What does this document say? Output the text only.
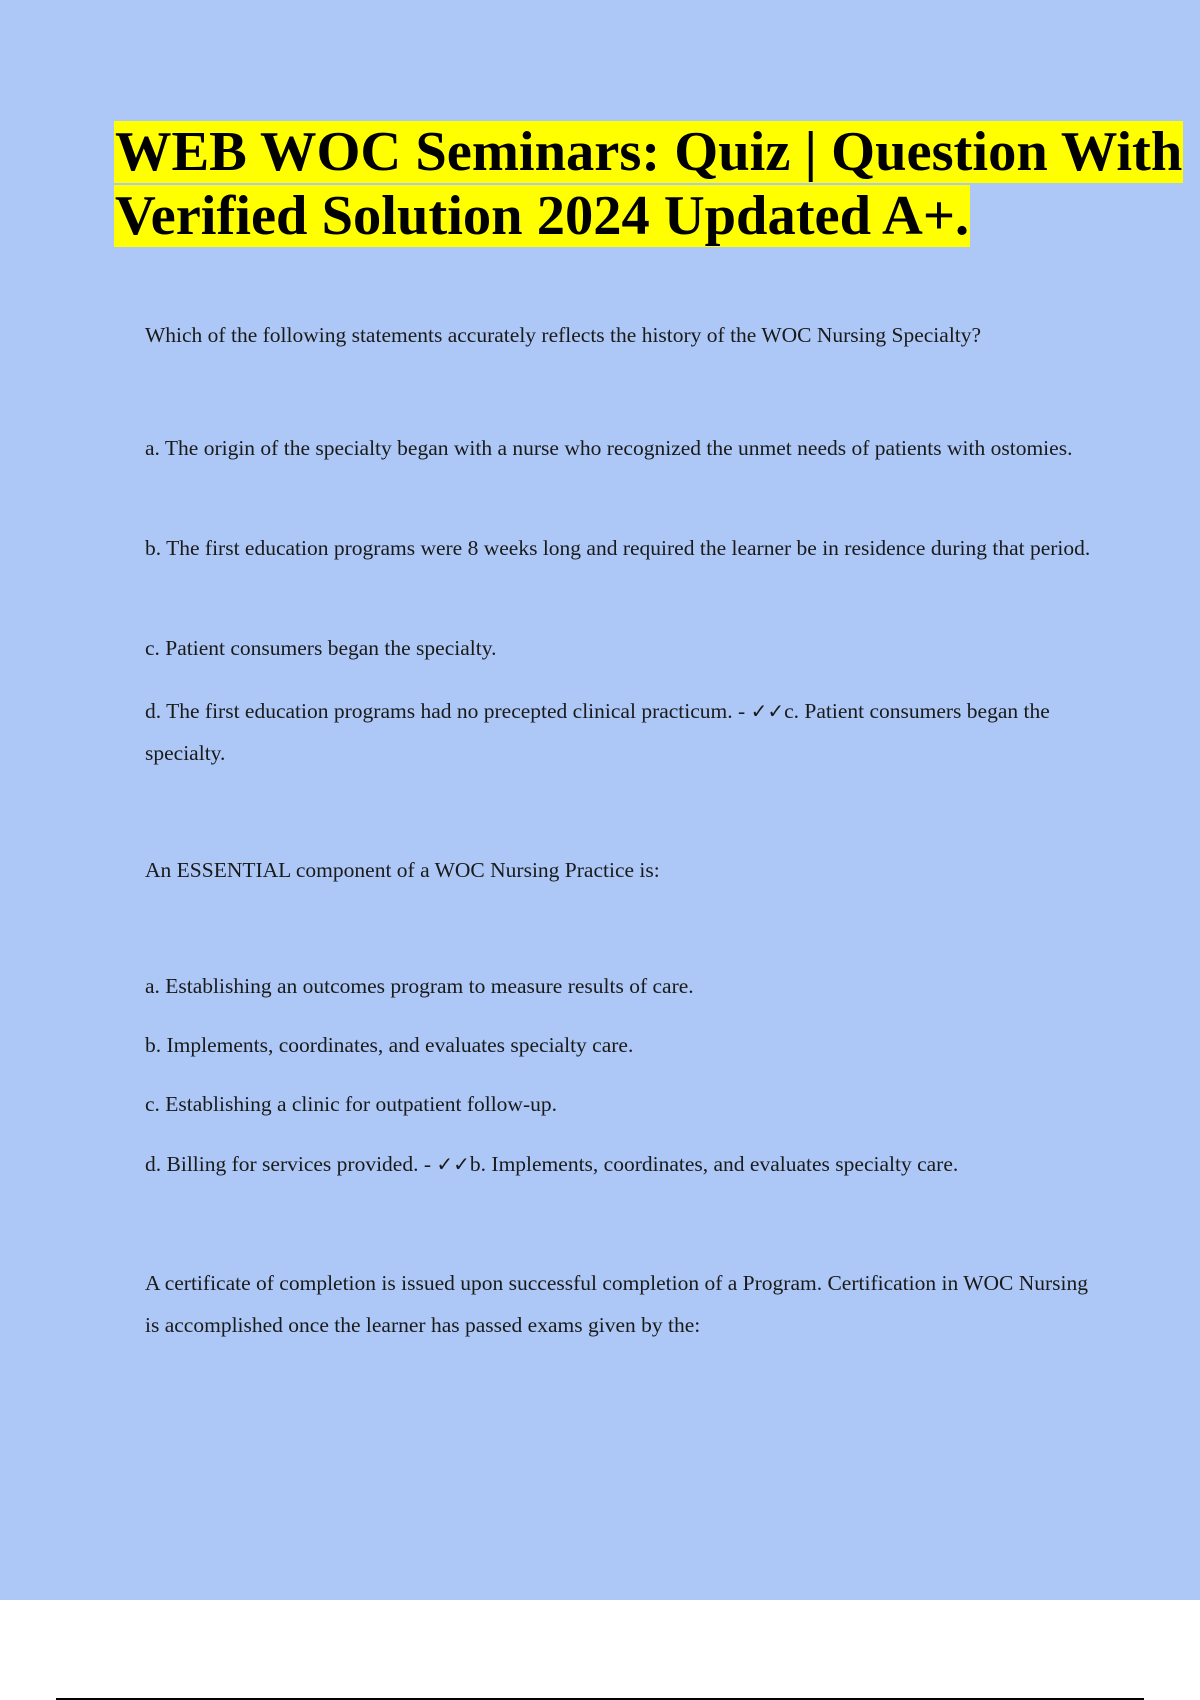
WEB WOC Seminars: Quiz | Question With Verified Solution 2024 Updated A+.
Which of the following statements accurately reflects the history of the WOC Nursing Specialty?
a. The origin of the specialty began with a nurse who recognized the unmet needs of patients with ostomies.
b. The first education programs were 8 weeks long and required the learner be in residence during that period.
c. Patient consumers began the specialty.
d. The first education programs had no precepted clinical practicum. - ✓✓c. Patient consumers began the specialty.
An ESSENTIAL component of a WOC Nursing Practice is:
a. Establishing an outcomes program to measure results of care.
b. Implements, coordinates, and evaluates specialty care.
c. Establishing a clinic for outpatient follow-up.
d. Billing for services provided. - ✓✓b. Implements, coordinates, and evaluates specialty care.
A certificate of completion is issued upon successful completion of a Program. Certification in WOC Nursing is accomplished once the learner has passed exams given by the:
